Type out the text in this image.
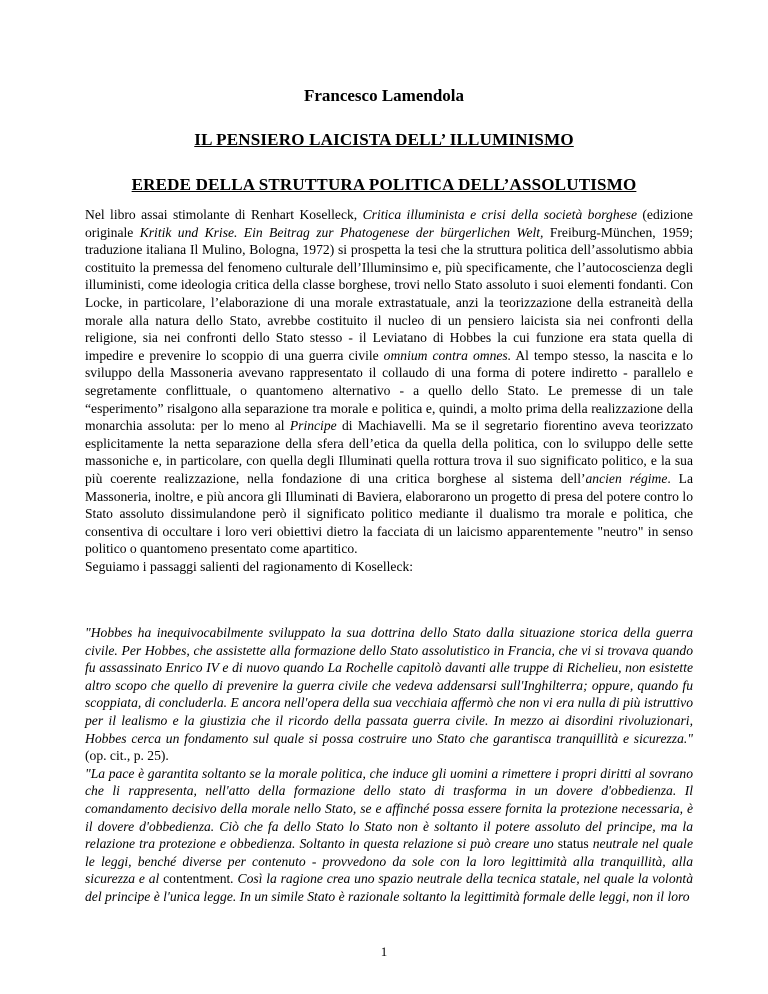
Francesco Lamendola
IL PENSIERO LAICISTA DELL’ ILLUMINISMO
EREDE DELLA STRUTTURA POLITICA DELL’ASSOLUTISMO

Nel libro assai stimolante di Renhart Koselleck, Critica illuminista e crisi della società borghese (edizione originale Kritik und Krise. Ein Beitrag zur Phatogenese der bürgerlichen Welt, Freiburg-München, 1959; traduzione italiana Il Mulino, Bologna, 1972) si prospetta la tesi che la struttura politica dell’assolutismo abbia costituito la premessa del fenomeno culturale dell’Illuminsimo e, più specificamente, che l’autocoscienza degli illuministi, come ideologia critica della classe borghese, trovi nello Stato assoluto i suoi elementi fondanti. Con Locke, in particolare, l’elaborazione di una morale extrastatuale, anzi la teorizzazione della estraneità della morale alla natura dello Stato, avrebbe costituito il nucleo di un pensiero laicista sia nei confronti della religione, sia nei confronti dello Stato stesso - il Leviatano di Hobbes la cui funzione era stata quella di impedire e prevenire lo scoppio di una guerra civile omnium contra omnes. Al tempo stesso, la nascita e lo sviluppo della Massoneria avevano rappresentato il collaudo di una forma di potere indiretto - parallelo e segretamente conflittuale, o quantomeno alternativo - a quello dello Stato. Le premesse di un tale “esperimento” risalgono alla separazione tra morale e politica e, quindi, a molto prima della realizzazione della monarchia assoluta: per lo meno al Principe di Machiavelli. Ma se il segretario fiorentino aveva teorizzato esplicitamente la netta separazione della sfera dell’etica da quella della politica, con lo sviluppo delle sette massoniche e, in particolare, con quella degli Illuminati quella rottura trova il suo significato politico, e la sua più coerente realizzazione, nella fondazione di una critica borghese al sistema dell’ancien régime. La Massoneria, inoltre, e più ancora gli Illuminati di Baviera, elaborarono un progetto di presa del potere contro lo Stato assoluto dissimulandone però il significato politico mediante il dualismo tra morale e politica, che consentiva di occultare i loro veri obiettivi dietro la facciata di un laicismo apparentemente "neutro" in senso politico o quantomeno presentato come apartitico.

Seguiamo i passaggi salienti del ragionamento di Koselleck:

"Hobbes ha inequivocabilmente sviluppato la sua dottrina dello Stato dalla situazione storica della guerra civile. Per Hobbes, che assistette alla formazione dello Stato assolutistico in Francia, che vi si trovava quando fu assassinato Enrico IV e di nuovo quando La Rochelle capitolò davanti alle truppe di Richelieu, non esistette altro scopo che quello di prevenire la guerra civile che vedeva addensarsi sull'Inghilterra; oppure, quando fu scoppiata, di concluderla. E ancora nell'opera della sua vecchiaia affermò che non vi era nulla di più istruttivo per il lealismo e la giustizia che il ricordo della passata guerra civile. In mezzo ai disordini rivoluzionari, Hobbes cerca un fondamento sul quale si possa costruire uno Stato che garantisca tranquillità e sicurezza." (op. cit., p. 25).

"La pace è garantita soltanto se la morale politica, che induce gli uomini a rimettere i propri diritti al sovrano che li rappresenta, nell'atto della formazione dello stato di trasforma in un dovere d'obbedienza. Il comandamento decisivo della morale nello Stato, se e affinché possa essere fornita la protezione necessaria, è il dovere d'obbedienza. Ciò che fa dello Stato lo Stato non è soltanto il potere assoluto del principe, ma la relazione tra protezione e obbedienza. Soltanto in questa relazione si può creare uno status neutrale nel quale le leggi, benché diverse per contenuto - provvedono da sole con la loro legittimità alla tranquillità, alla sicurezza e al contentment. Così la ragione crea uno spazio neutrale della tecnica statale, nel quale la volontà del principe è l'unica legge. In un simile Stato è razionale soltanto la legittimità formale delle leggi, non il loro

1
